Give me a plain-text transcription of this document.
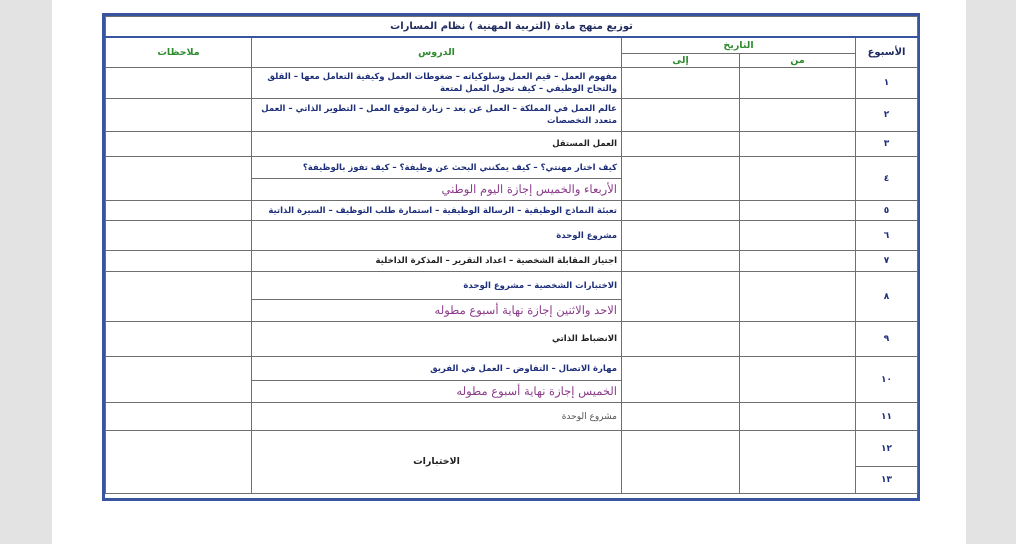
توزيع منهج مادة (التربية المهنية ) نظام المسارات				
ملاحظات	الدروس	التاريخ		الأسبوع
		إلى	من	
	مفهوم العمل – قيم العمل وسلوكياته – ضغوطات العمل وكيفية التعامل معها – القلق والتجاح الوظيفي – كيف تحول العمل لمتعة			١
	عالم العمل في المملكة – العمل عن بعد – زيارة لموقع العمل – التطوير الذاتي – العمل متعدد التخصصات			٢
	العمل المستقل			٣
	كيف اختار مهنتي؟ – كيف يمكنني البحث عن وظيفة؟ – كيف تفوز بالوظيفة؟			٤
	الأربعاء والخميس إجازة اليوم الوطني			
	تعبئة النماذج الوظيفية – الرسالة الوظيفية – استمارة طلب التوظيف – السيرة الذاتية			٥
	مشروع الوحدة			٦
	اجتياز المقابلة الشخصية – اعداد التقرير – المذكرة الداخلية			٧
	الاختبارات الشخصية – مشروع الوحدة			٨
	الاحد والاثنين إجازة نهاية أسبوع مطوله			
	الانضباط الذاتي			٩
	مهارة الاتصال – التفاوض – العمل في الفريق			١٠
	الخميس إجازة نهاية أسبوع مطوله			
	مشروع الوحدة			١١
	الاختبارات			١٢
				١٣
